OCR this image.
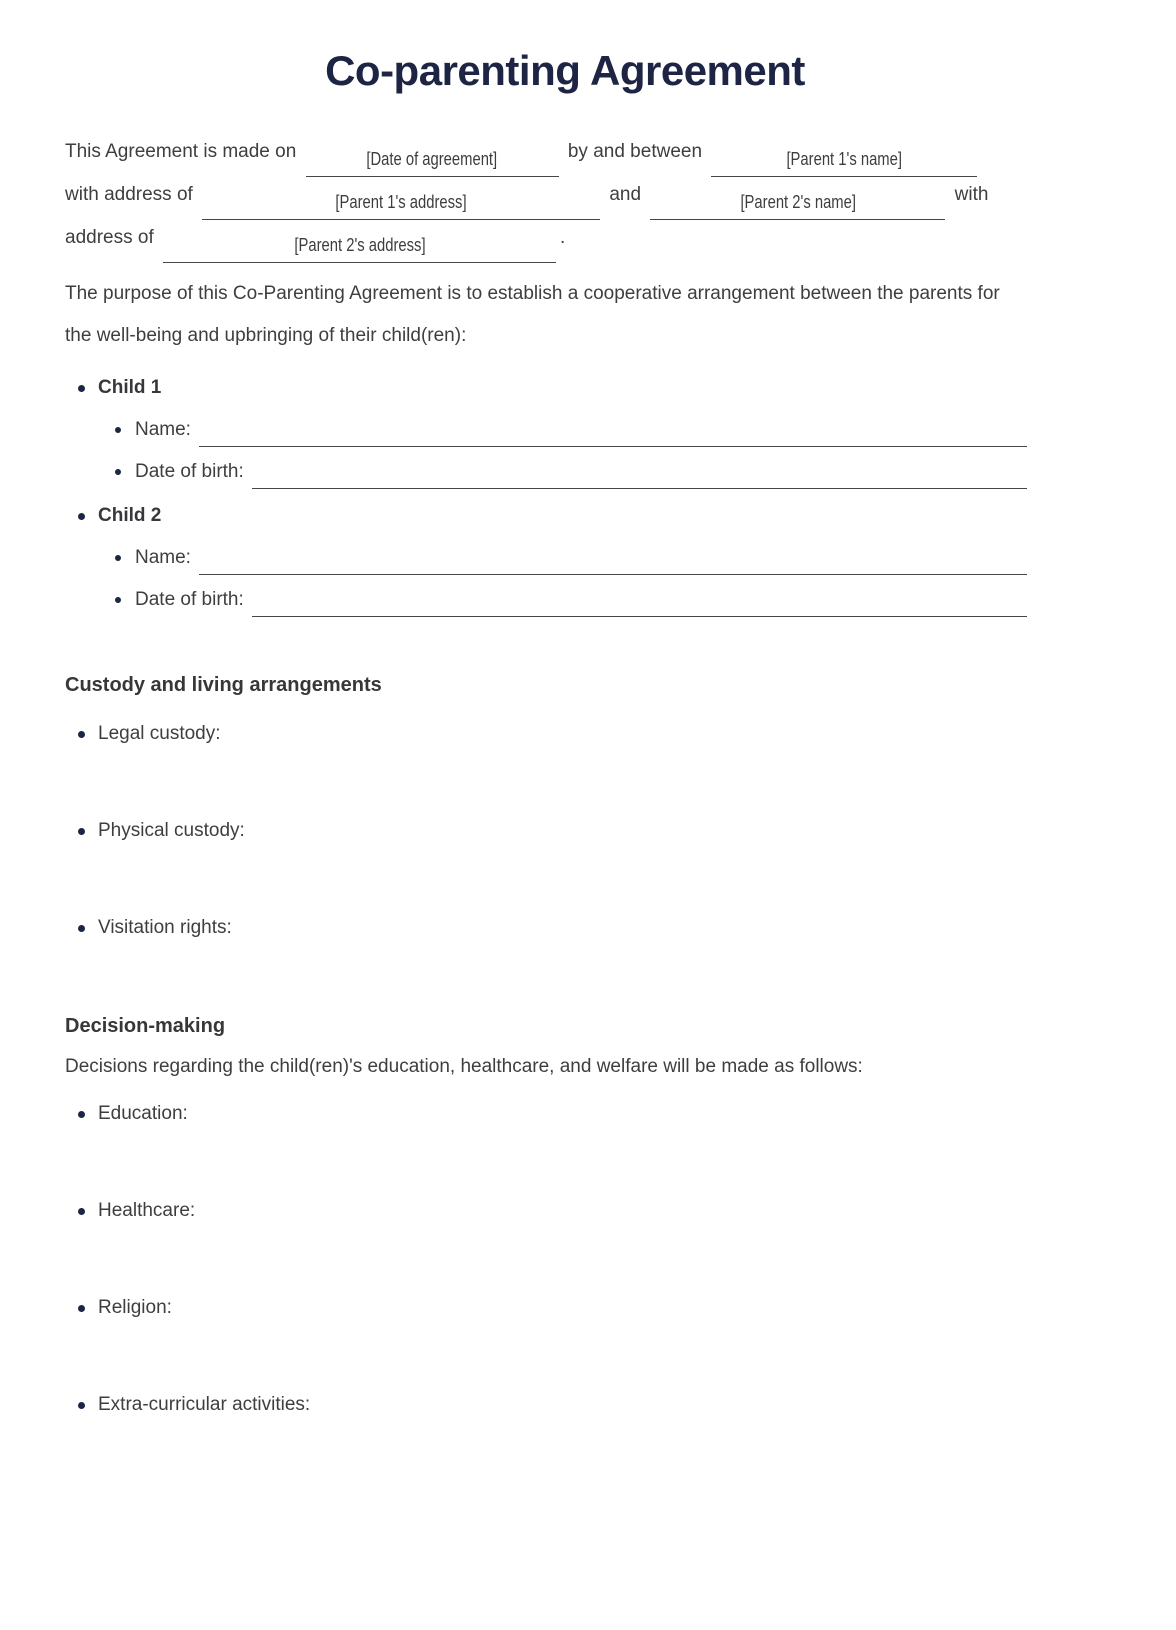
Co-parenting Agreement

This Agreement is made on	[Date of agreement]	by and between	[Parent 1's name]
with address of	[Parent 1's address]	and	[Parent 2's name]	with
address of	[Parent 2's address]	.

The purpose of this Co-Parenting Agreement is to establish a cooperative arrangement between the parents for the well-being and upbringing of their child(ren):

Child 1
Name:
Date of birth:
Child 2
Name:
Date of birth:
Custody and living arrangements
Legal custody:
Physical custody:
Visitation rights:
Decision-making

Decisions regarding the child(ren)'s education, healthcare, and welfare will be made as follows:

Education:
Healthcare:
Religion:
Extra-curricular activities:
